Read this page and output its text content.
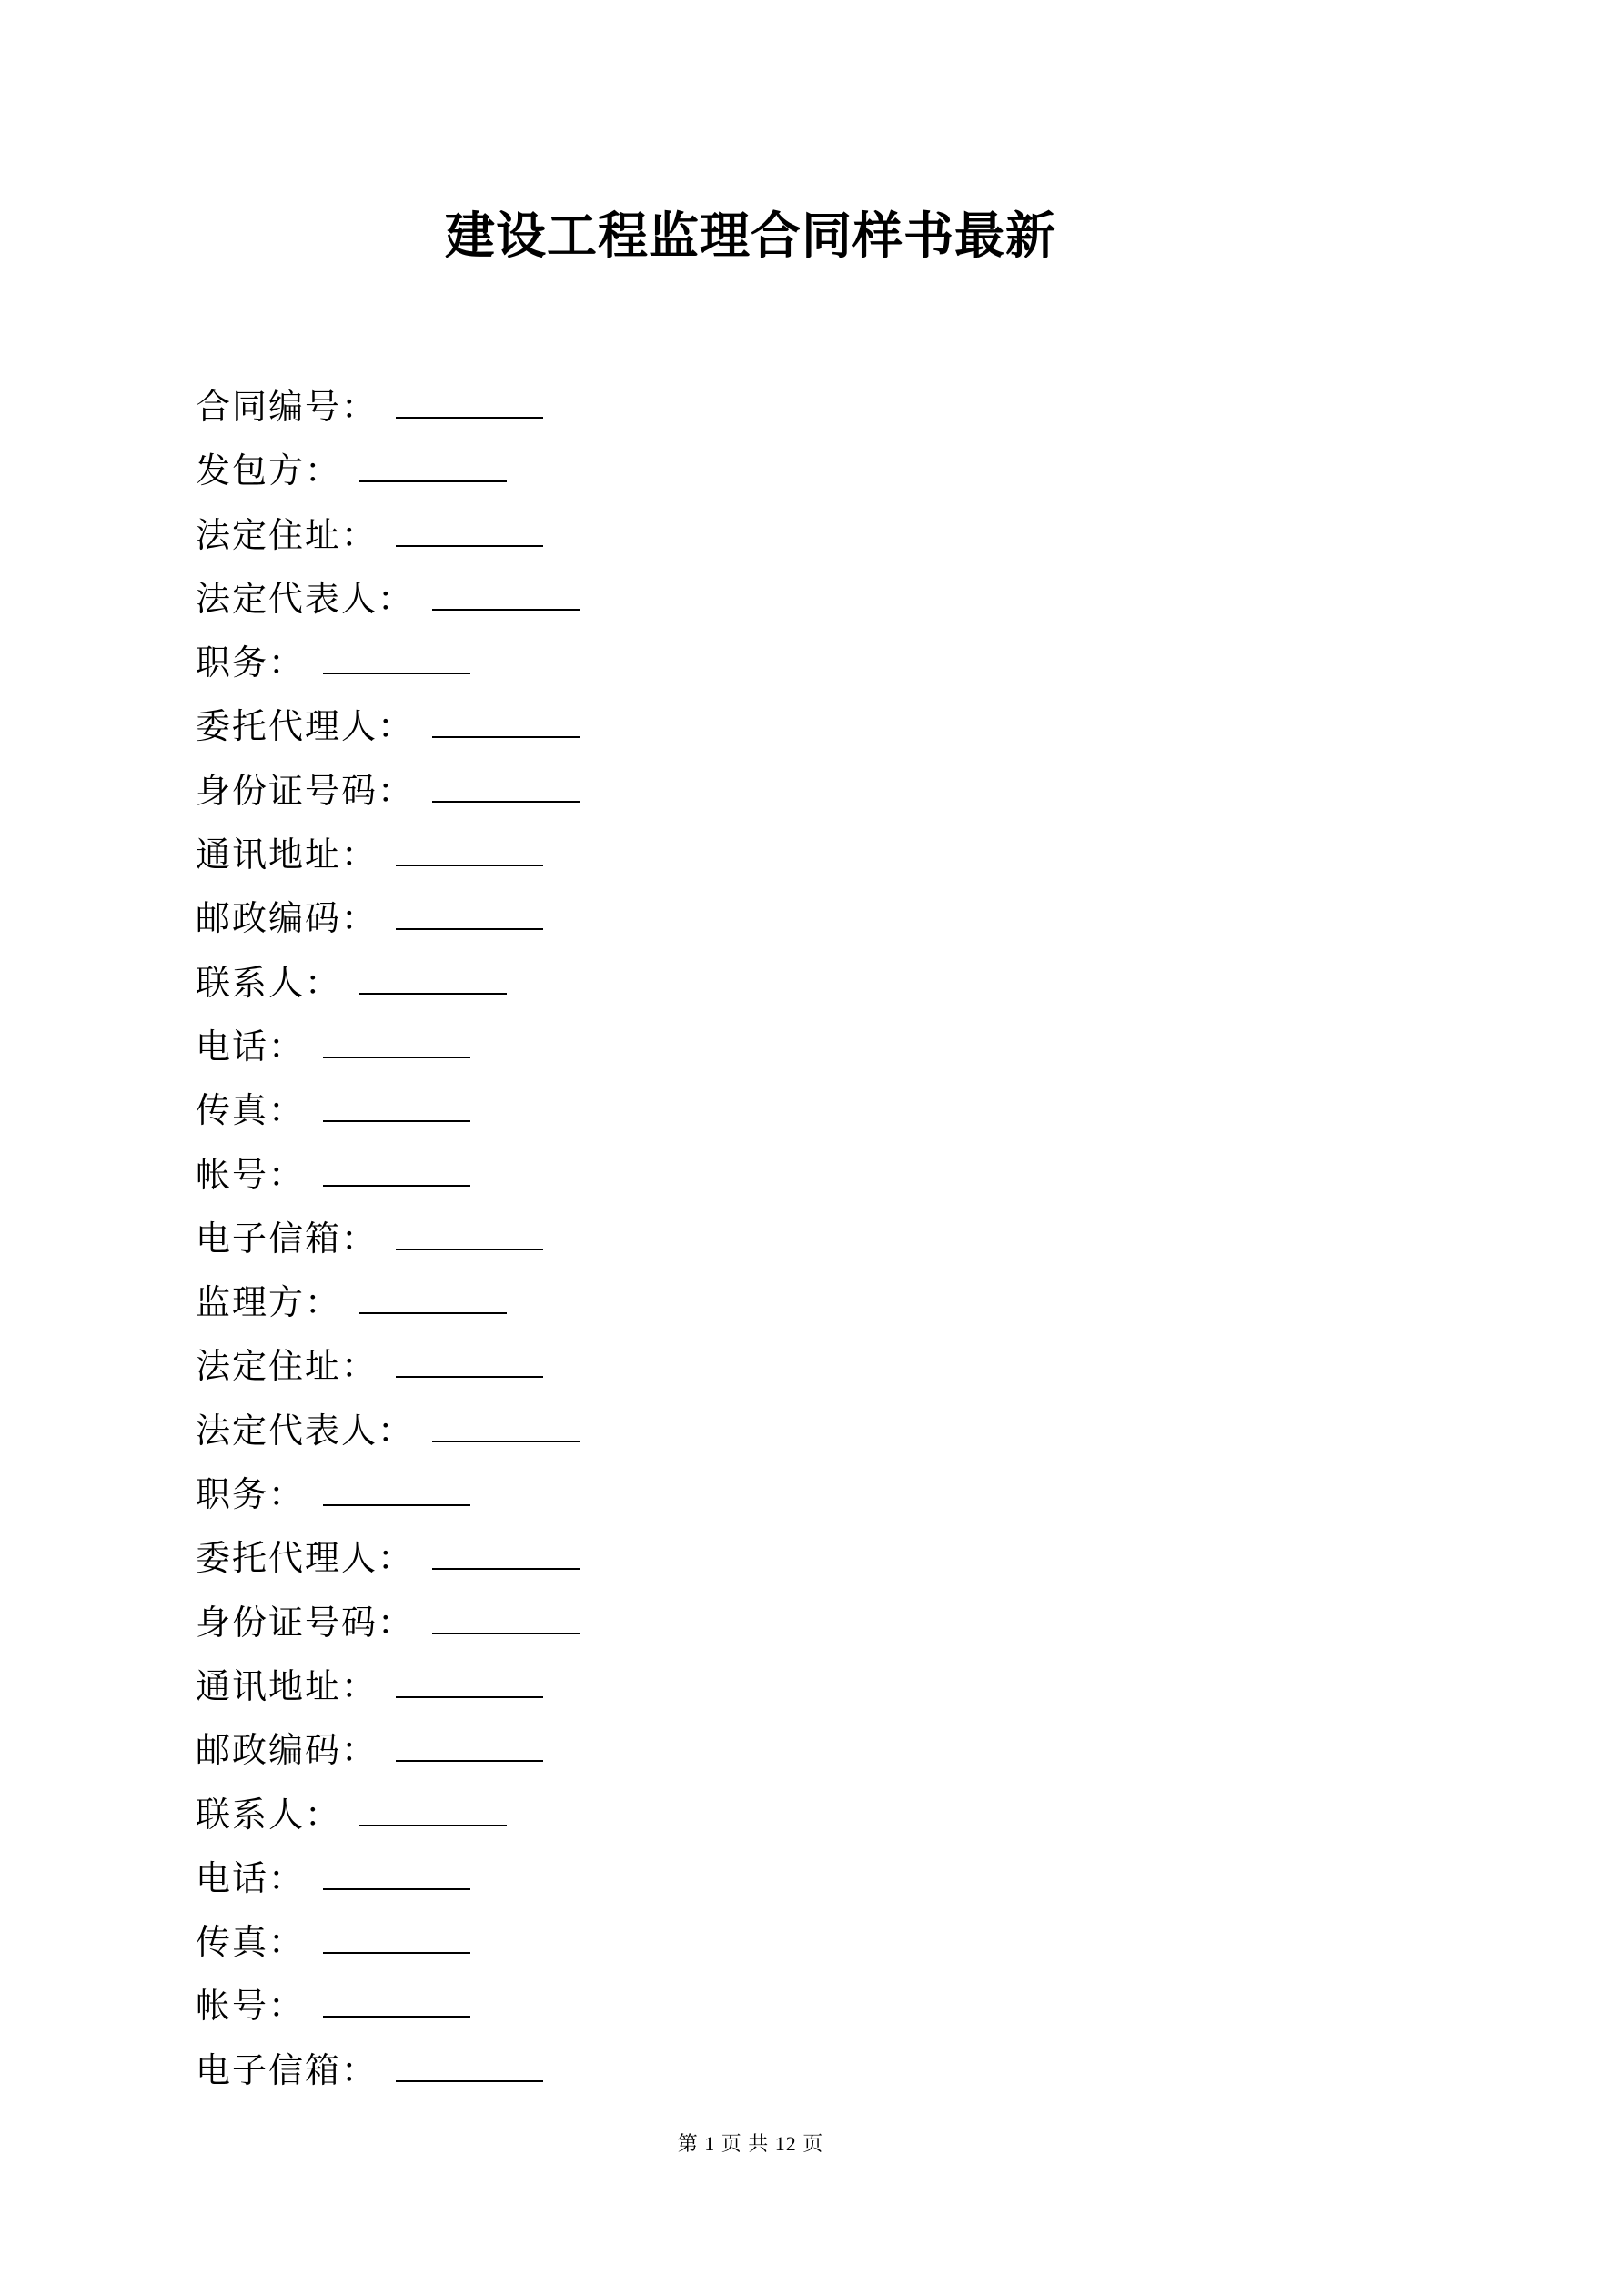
建设工程监理合同样书最新
合同编号：
发包方：
法定住址：
法定代表人：
职务：
委托代理人：
身份证号码：
通讯地址：
邮政编码：
联系人：
电话：
传真：
帐号：
电子信箱：
监理方：
法定住址：
法定代表人：
职务：
委托代理人：
身份证号码：
通讯地址：
邮政编码：
联系人：
电话：
传真：
帐号：
电子信箱：
第 1 页 共 12 页
